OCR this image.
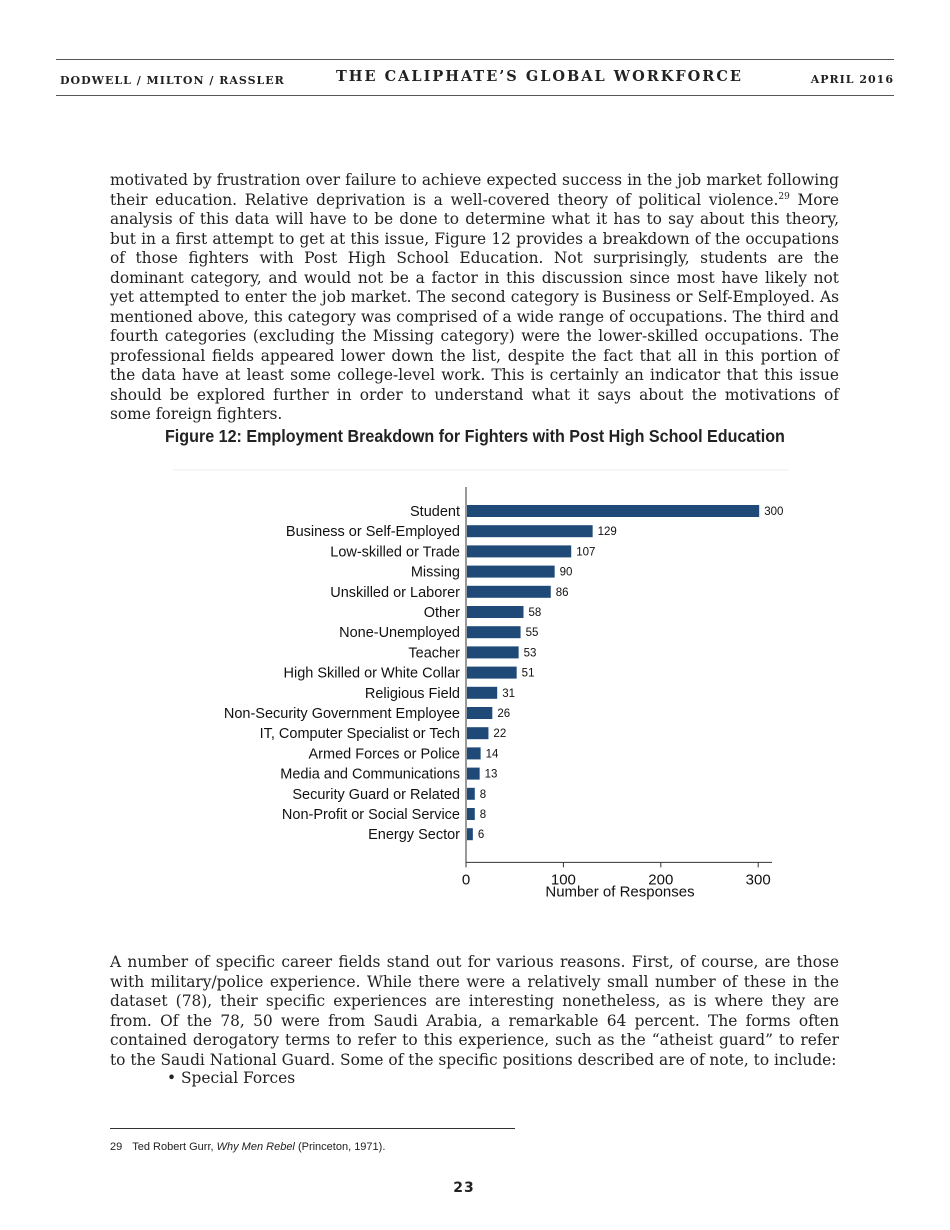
DODWELL / MILTON / RASSLER	THE CALIPHATE’S GLOBAL WORKFORCE	APRIL 2016
motivated by frustration over failure to achieve expected success in the job market following their education. Relative deprivation is a well-covered theory of political violence.$^{29}$ More analysis of this data will have to be done to determine what it has to say about this theory, but in a first attempt to get at this issue, Figure 12 provides a breakdown of the occupations of those fighters with Post High School Education. Not surprisingly, students are the dominant category, and would not be a factor in this discussion since most have likely not yet attempted to enter the job market. The second category is Business or Self-Employed. As mentioned above, this category was comprised of a wide range of occupations. The third and fourth categories (excluding the Missing category) were the lower-skilled occupations. The professional fields appeared lower down the list, despite the fact that all in this portion of the data have at least some college-level work. This is certainly an indicator that this issue should be explored further in order to understand what it says about the motivations of some foreign fighters.
Figure 12: Employment Breakdown for Fighters with Post High School Education
Student
Business or Self-Employed
Low-skilled or Trade
Missing
Unskilled or Laborer
Other
None-Unemployed
Teacher
High Skilled or White Collar
Religious Field
Non-Security Government Employee
IT, Computer Specialist or Tech
Armed Forces or Police
Media and Communications
Security Guard or Related
Non-Profit or Social Service
Energy Sector
300
129
107
90
86
58
55
53
51
31
26
22
14
13
8
8
6
0	100	200	300
Number of Responses
A number of specific career fields stand out for various reasons. First, of course, are those with military/police experience. While there were a relatively small number of these in the dataset (78), their specific experiences are interesting nonetheless, as is where they are from. Of the 78, 50 were from Saudi Arabia, a remarkable 64 percent. The forms often contained derogatory terms to refer to this experience, such as the “atheist guard” to refer to the Saudi National Guard. Some of the specific positions described are of note, to include:
• Special Forces
29 Ted Robert Gurr, Why Men Rebel (Princeton, 1971).
23
